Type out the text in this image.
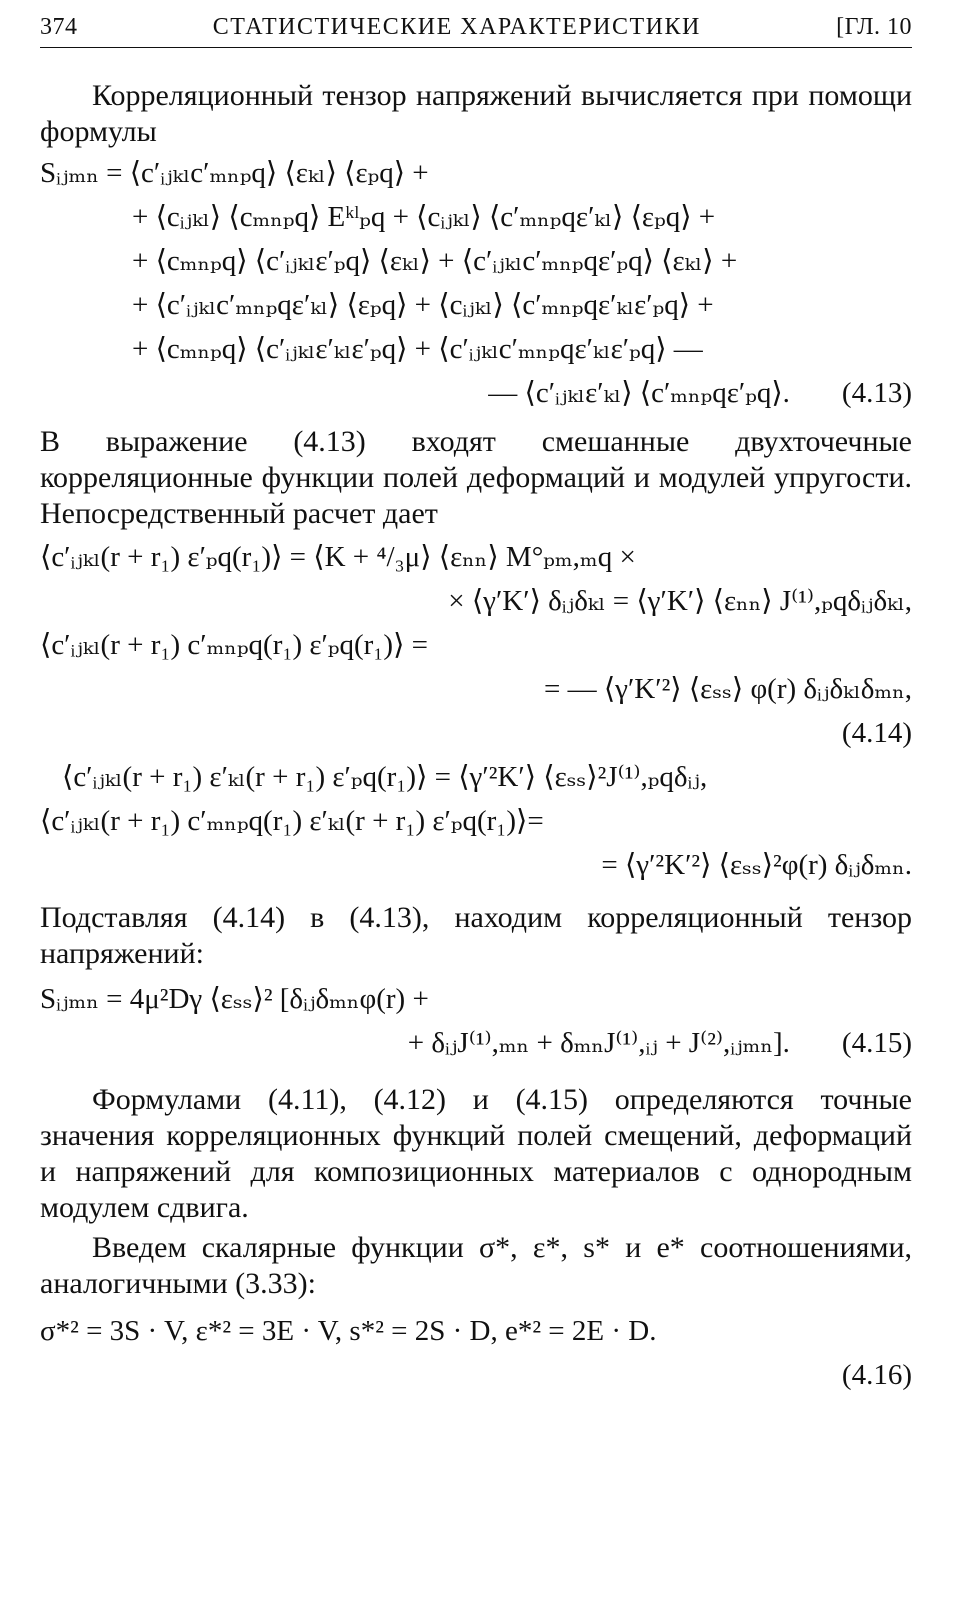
374	СТАТИСТИЧЕСКИЕ ХАРАКТЕРИСТИКИ	[ГЛ. 10

Корреляционный тензор напряжений вычисляется при помощи формулы

Sᵢⱼₘₙ = ⟨c′ᵢⱼₖₗc′ₘₙₚq⟩ ⟨εₖₗ⟩ ⟨εₚq⟩ +
+ ⟨cᵢⱼₖₗ⟩ ⟨cₘₙₚq⟩ Eᵏˡₚq + ⟨cᵢⱼₖₗ⟩ ⟨c′ₘₙₚqε′ₖₗ⟩ ⟨εₚq⟩ +
+ ⟨cₘₙₚq⟩ ⟨c′ᵢⱼₖₗε′ₚq⟩ ⟨εₖₗ⟩ + ⟨c′ᵢⱼₖₗc′ₘₙₚqε′ₚq⟩ ⟨εₖₗ⟩ +
+ ⟨c′ᵢⱼₖₗc′ₘₙₚqε′ₖₗ⟩ ⟨εₚq⟩ + ⟨cᵢⱼₖₗ⟩ ⟨c′ₘₙₚqε′ₖₗε′ₚq⟩ +
+ ⟨cₘₙₚq⟩ ⟨c′ᵢⱼₖₗε′ₖₗε′ₚq⟩ + ⟨c′ᵢⱼₖₗc′ₘₙₚqε′ₖₗε′ₚq⟩ —
— ⟨c′ᵢⱼₖₗε′ₖₗ⟩ ⟨c′ₘₙₚqε′ₚq⟩. (4.13)

В выражение (4.13) входят смешанные двухточечные корреляционные функции полей деформаций и модулей упругости. Непосредственный расчет дает

⟨c′ᵢⱼₖₗ(r + r₁) ε′ₚq(r₁)⟩ = ⟨K + ⁴/₃μ⟩ ⟨εₙₙ⟩ M°ₚₘ,ₘq ×
× ⟨γ′K′⟩ δᵢⱼδₖₗ = ⟨γ′K′⟩ ⟨εₙₙ⟩ J⁽¹⁾,ₚqδᵢⱼδₖₗ,
⟨c′ᵢⱼₖₗ(r + r₁) c′ₘₙₚq(r₁) ε′ₚq(r₁)⟩ =
= — ⟨γ′K′²⟩ ⟨εₛₛ⟩ φ(r) δᵢⱼδₖₗδₘₙ,
(4.14)
⟨c′ᵢⱼₖₗ(r + r₁) ε′ₖₗ(r + r₁) ε′ₚq(r₁)⟩ = ⟨γ′²K′⟩ ⟨εₛₛ⟩²J⁽¹⁾,ₚqδᵢⱼ,
⟨c′ᵢⱼₖₗ(r + r₁) c′ₘₙₚq(r₁) ε′ₖₗ(r + r₁) ε′ₚq(r₁)⟩=
= ⟨γ′²K′²⟩ ⟨εₛₛ⟩²φ(r) δᵢⱼδₘₙ.

Подставляя (4.14) в (4.13), находим корреляционный тензор напряжений:

Sᵢⱼₘₙ = 4μ²Dγ ⟨εₛₛ⟩² [δᵢⱼδₘₙφ(r) +
+ δᵢⱼJ⁽¹⁾,ₘₙ + δₘₙJ⁽¹⁾,ᵢⱼ + J⁽²⁾,ᵢⱼₘₙ]. (4.15)

Формулами (4.11), (4.12) и (4.15) определяются точные значения корреляционных функций полей смещений, деформаций и напряжений для композиционных материалов с однородным модулем сдвига.

Введем скалярные функции σ*, ε*, s* и e* соотношениями, аналогичными (3.33):

σ*² = 3S · V, ε*² = 3E · V, s*² = 2S · D, e*² = 2E · D.
(4.16)
